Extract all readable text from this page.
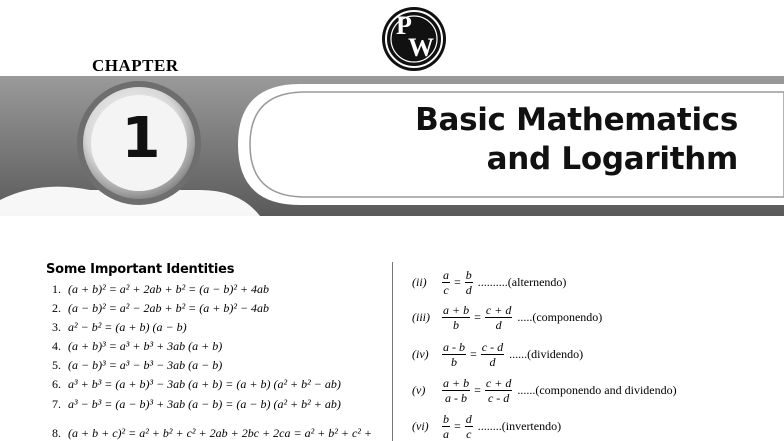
P
W
CHAPTER
1	Basic Mathematics
and Logarithm
Some Important Identities
1. (a + b)² = a² + 2ab + b² = (a − b)² + 4ab
2. (a − b)² = a² − 2ab + b² = (a + b)² − 4ab
3. a² − b² = (a + b) (a − b)
4. (a + b)³ = a³ + b³ + 3ab (a + b)
5. (a − b)³ = a³ − b³ − 3ab (a − b)
6. a³ + b³ = (a + b)³ − 3ab (a + b) = (a + b) (a² + b² − ab)
7. a³ − b³ = (a − b)³ + 3ab (a − b) = (a − b) (a² + b² + ab)
8. (a + b + c)² = a² + b² + c² + 2ab + 2bc + 2ca = a² + b² + c² +
(ii)	$\frac{a}{c} = \frac{b}{d}$ ..........(alternendo)
(iii)	$\frac{a + b}{b} = \frac{c + d}{d}$ .....(componendo)
(iv)	$\frac{a - b}{b} = \frac{c - d}{d}$ ......(dividendo)
(v)	$\frac{a + b}{a - b} = \frac{c + d}{c - d}$ ......(componendo and dividendo)
(vi)	$\frac{b}{a} = \frac{d}{c}$ ........(invertendo)
